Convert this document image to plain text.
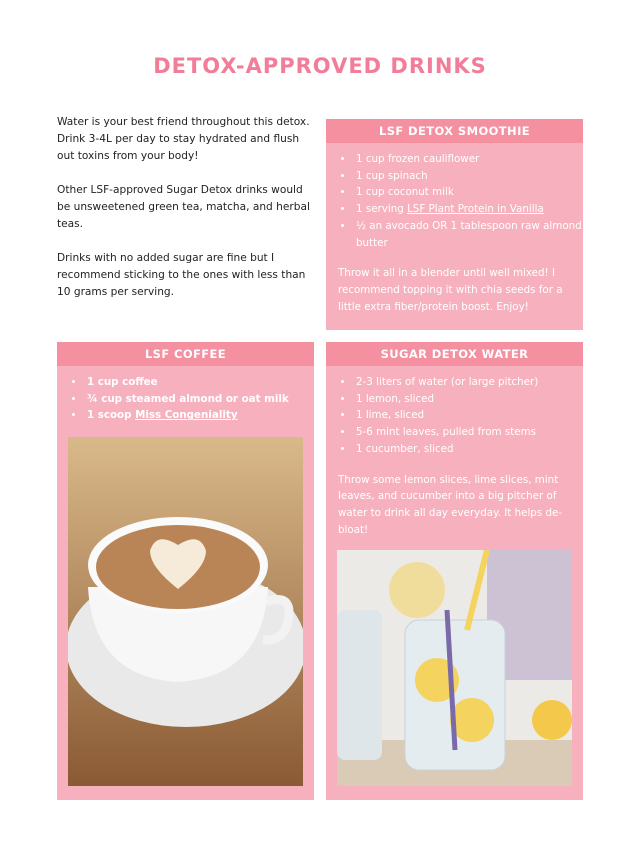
DETOX-APPROVED DRINKS

Water is your best friend throughout this detox. Drink 3-4L per day to stay hydrated and flush out toxins from your body!

Other LSF-approved Sugar Detox drinks would be unsweetened green tea, matcha, and herbal teas.

Drinks with no added sugar are fine but I recommend sticking to the ones with less than 10 grams per serving.

LSF DETOX SMOOTHIE
• 1 cup frozen cauliflower
• 1 cup spinach
• 1 cup coconut milk
• 1 serving LSF Plant Protein in Vanilla
• ½ an avocado OR 1 tablespoon raw almond butter

Throw it all in a blender until well mixed! I recommend topping it with chia seeds for a little extra fiber/protein boost. Enjoy!

LSF COFFEE
• 1 cup coffee
• ¾ cup steamed almond or oat milk
• 1 scoop Miss Congeniality
SUGAR DETOX WATER
• 2-3 liters of water (or large pitcher)
• 1 lemon, sliced
• 1 lime, sliced
• 5-6 mint leaves, pulled from stems
• 1 cucumber, sliced

Throw some lemon slices, lime slices, mint leaves, and cucumber into a big pitcher of water to drink all day everyday. It helps de-bloat!
